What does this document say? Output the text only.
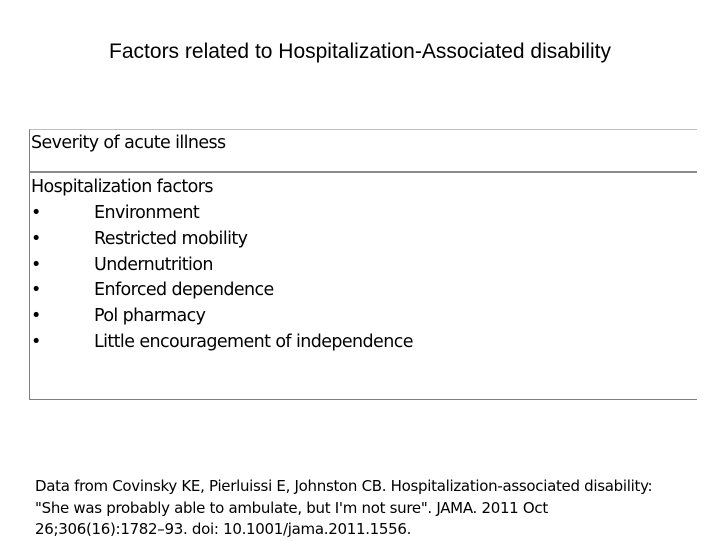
Factors related to Hospitalization-Associated disability
Severity of acute illness
Hospitalization factors
•	Environment
•	Restricted mobility
•	Undernutrition
•	Enforced dependence
•	Pol pharmacy
•	Little encouragement of independence
Data from Covinsky KE, Pierluissi E, Johnston CB. Hospitalization-associated disability:
"She was probably able to ambulate, but I'm not sure". JAMA. 2011 Oct
26;306(16):1782–93. doi: 10.1001/jama.2011.1556.
